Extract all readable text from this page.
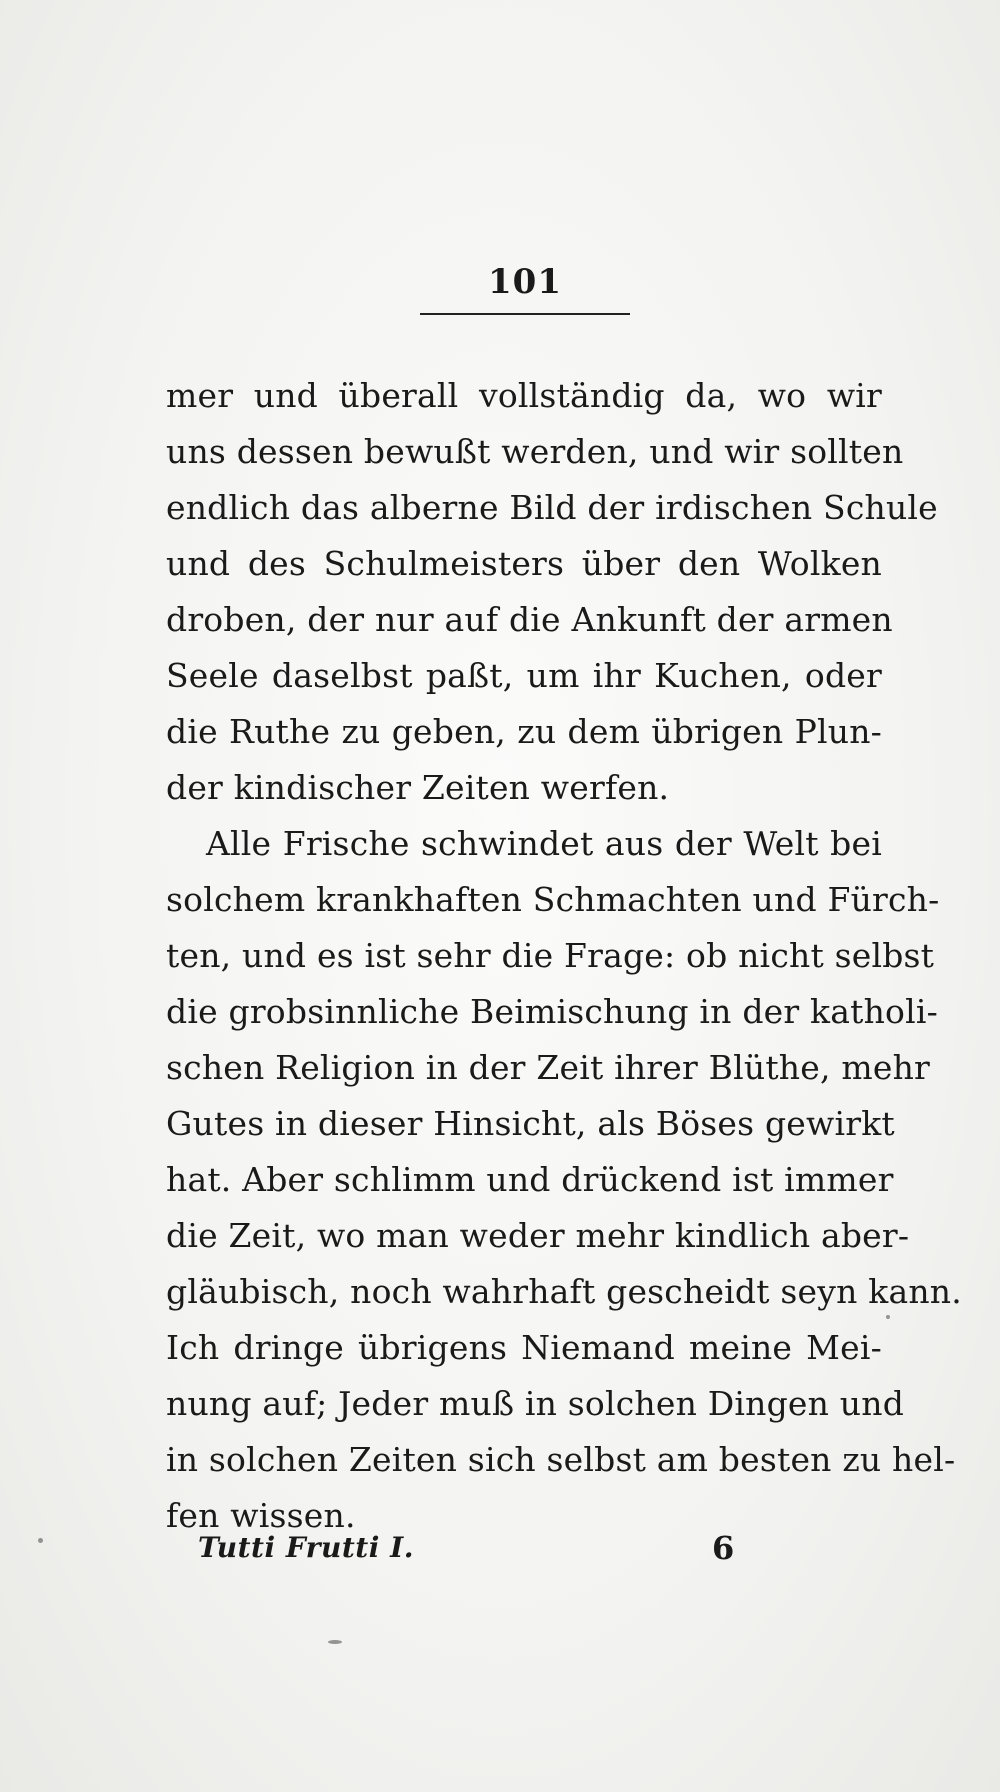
101
mer und überall vollständig da, wo wir
uns dessen bewußt werden, und wir sollten
endlich das alberne Bild der irdischen Schule
und des Schulmeisters über den Wolken
droben, der nur auf die Ankunft der armen
Seele daselbst paßt, um ihr Kuchen, oder
die Ruthe zu geben, zu dem übrigen Plun-
der kindischer Zeiten werfen.
Alle Frische schwindet aus der Welt bei
solchem krankhaften Schmachten und Fürch-
ten, und es ist sehr die Frage: ob nicht selbst
die grobsinnliche Beimischung in der katholi-
schen Religion in der Zeit ihrer Blüthe, mehr
Gutes in dieser Hinsicht, als Böses gewirkt
hat. Aber schlimm und drückend ist immer
die Zeit, wo man weder mehr kindlich aber-
gläubisch, noch wahrhaft gescheidt seyn kann.
Ich dringe übrigens Niemand meine Mei-
nung auf; Jeder muß in solchen Dingen und
in solchen Zeiten sich selbst am besten zu hel-
fen wissen.
Tutti Frutti I.	6
